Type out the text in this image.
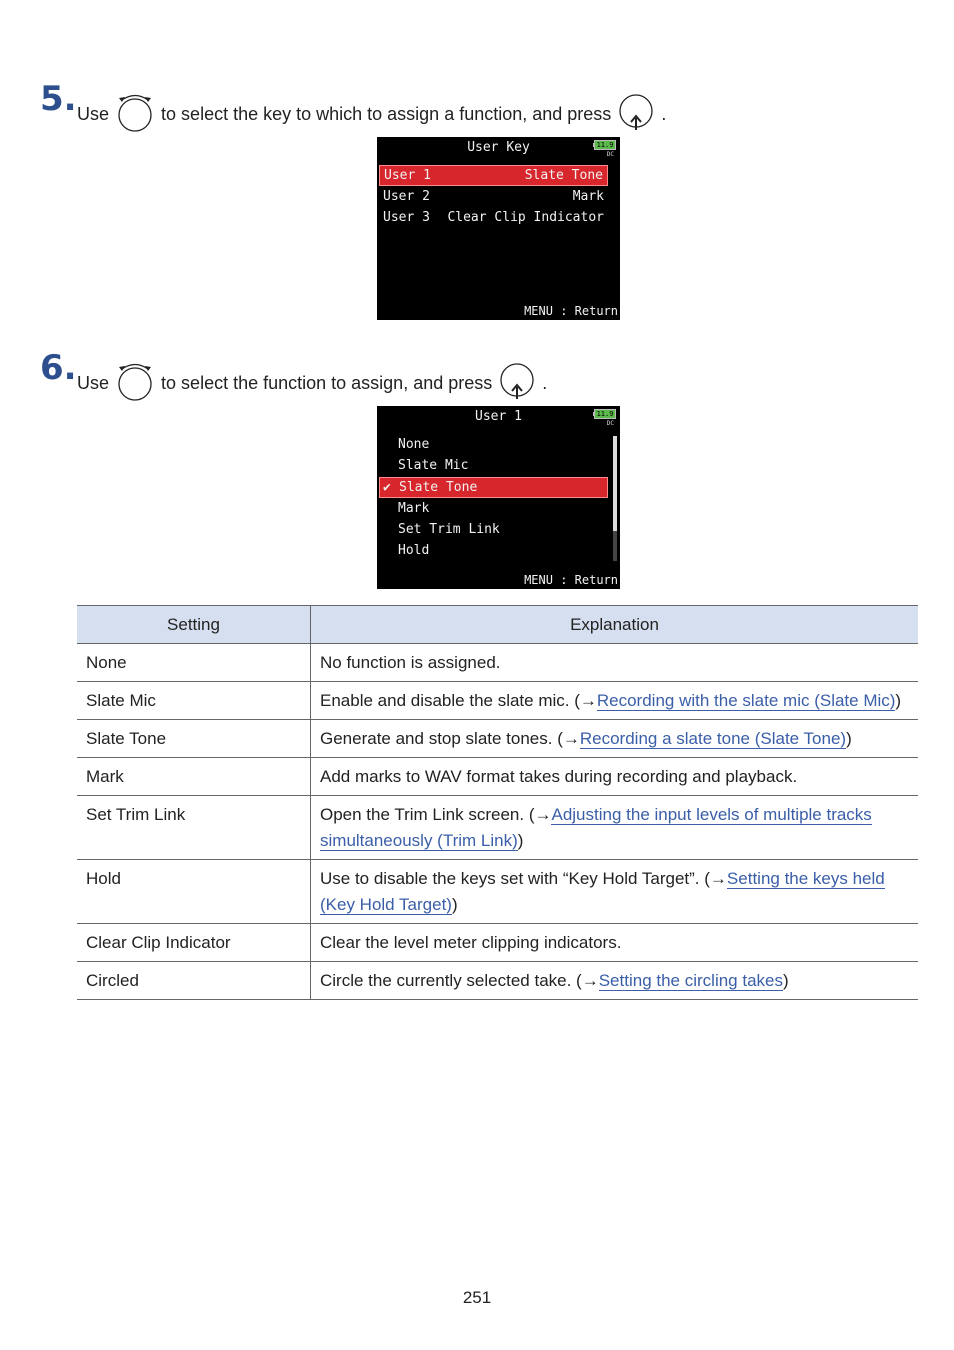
5. Use	to select the key to which to assign a function, and press	.
User Key	11.9
DC
User 1	Slate Tone
User 2	Mark
User 3 Clear Clip Indicator
MENU : Return
6. Use	to select the function to assign, and press	.
User 1	11.9
DC
None
Slate Mic
✔ Slate Tone
Mark
Set Trim Link
Hold
MENU : Return
Setting	Explanation
None	No function is assigned.
Slate Mic	Enable and disable the slate mic. (→Recording with the slate mic (Slate Mic))
Slate Tone	Generate and stop slate tones. (→Recording a slate tone (Slate Tone))
Mark	Add marks to WAV format takes during recording and playback.
Set Trim Link	Open the Trim Link screen. (→Adjusting the input levels of multiple tracks simultaneously (Trim Link))
Hold	Use to disable the keys set with “Key Hold Target”. (→Setting the keys held (Key Hold Target))
Clear Clip Indicator	Clear the level meter clipping indicators.
Circled	Circle the currently selected take. (→Setting the circling takes)
251
